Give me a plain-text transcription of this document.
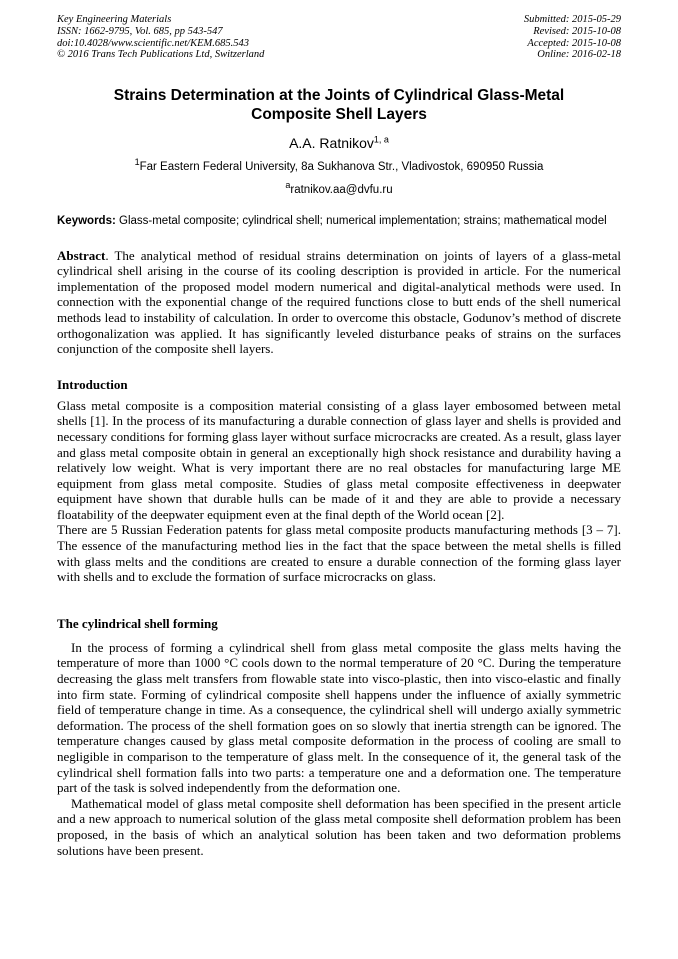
Key Engineering Materials
ISSN: 1662-9795, Vol. 685, pp 543-547
doi:10.4028/www.scientific.net/KEM.685.543
© 2016 Trans Tech Publications Ltd, Switzerland
Submitted: 2015-05-29
Revised: 2015-10-08
Accepted: 2015-10-08
Online: 2016-02-18
Strains Determination at the Joints of Cylindrical Glass-Metal
Composite Shell Layers
A.A. Ratnikov$^{1, a}$
$^1$Far Eastern Federal University, 8a Sukhanova Str., Vladivostok, 690950 Russia
$^a$ratnikov.aa@dvfu.ru

Keywords: Glass-metal composite; cylindrical shell; numerical implementation; strains; mathematical model

Abstract. The analytical method of residual strains determination on joints of layers of a glass-metal cylindrical shell arising in the course of its cooling description is provided in article. For the numerical implementation of the proposed model modern numerical and digital-analytical methods were used. In connection with the exponential change of the required functions close to butt ends of the shell numerical methods lead to instability of calculation. In order to overcome this obstacle, Godunov’s method of discrete orthogonalization was applied. It has significantly leveled disturbance peaks of strains on the surfaces conjunction of the composite shell layers.

Introduction

Glass metal composite is a composition material consisting of a glass layer embosomed between metal shells [1]. In the process of its manufacturing a durable connection of glass layer and shells is provided and necessary conditions for forming glass layer without surface microcracks are created. As a result, glass layer and glass metal composite obtain in general an exceptionally high shock resistance and durability having a relatively low weight. What is very important there are no real obstacles for manufacturing large ME equipment from glass metal composite. Studies of glass metal composite effectiveness in deepwater equipment have shown that durable hulls can be made of it and they are able to provide a necessary floatability of the deepwater equipment even at the final depth of the World ocean [2].

There are 5 Russian Federation patents for glass metal composite products manufacturing methods [3 – 7]. The essence of the manufacturing method lies in the fact that the space between the metal shells is filled with glass melts and the conditions are created to ensure a durable connection of the forming glass layer with shells and to exclude the formation of surface microcracks on glass.

The cylindrical shell forming

In the process of forming a cylindrical shell from glass metal composite the glass melts having the temperature of more than 1000 °C cools down to the normal temperature of 20 °C. During the temperature decreasing the glass melt transfers from flowable state into visco-plastic, then into visco-elastic and finally into firm state. Forming of cylindrical composite shell happens under the influence of axially symmetric field of temperature change in time. As a consequence, the cylindrical shell will undergo axially symmetric deformation. The process of the shell formation goes on so slowly that inertia strength can be ignored. The temperature changes caused by glass metal composite deformation in the process of cooling are small to negligible in comparison to the temperature of glass melt. In the consequence of it, the general task of the cylindrical shell formation falls into two parts: a temperature one and a deformation one. The temperature part of the task is solved independently from the deformation one.

Mathematical model of glass metal composite shell deformation has been specified in the present article and a new approach to numerical solution of the glass metal composite shell deformation problem has been proposed, in the basis of which an analytical solution has been taken and two deformation problems solutions have been present.
